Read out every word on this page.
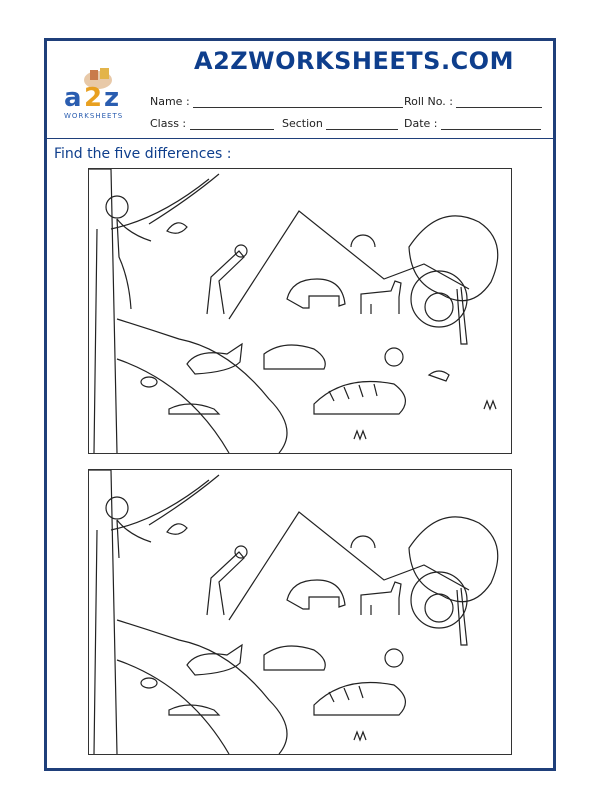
a 2 z
WORKSHEETS
A2ZWORKSHEETS.COM
Name :	Roll No. :
Class :	Section	Date :
Find the five differences :
